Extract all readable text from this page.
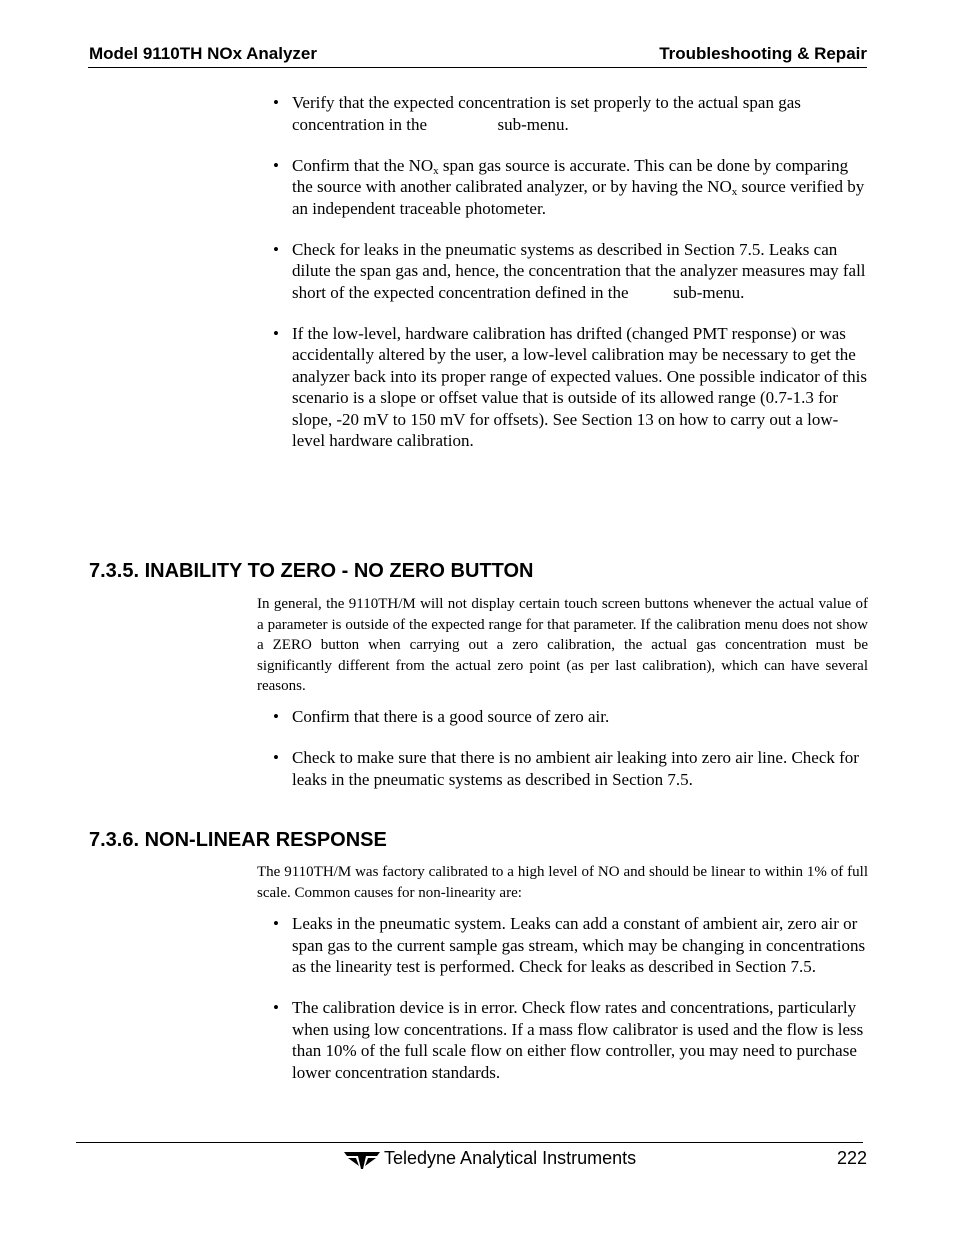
Model 9110TH NOx Analyzer	Troubleshooting & Repair
• Verify that the expected concentration is set properly to the actual span gas concentration in the	sub-menu.
• Confirm that the $NO_x$ span gas source is accurate. This can be done by comparing the source with another calibrated analyzer, or by having the $NO_x$ source verified by an independent traceable photometer.
• Check for leaks in the pneumatic systems as described in Section 7.5. Leaks can dilute the span gas and, hence, the concentration that the analyzer measures may fall short of the expected concentration defined in the	sub-menu.
• If the low-level, hardware calibration has drifted (changed PMT response) or was accidentally altered by the user, a low-level calibration may be necessary to get the analyzer back into its proper range of expected values. One possible indicator of this scenario is a slope or offset value that is outside of its allowed range (0.7-1.3 for slope, -20 mV to 150 mV for offsets). See Section 13 on how to carry out a low-level hardware calibration.
7.3.5. INABILITY TO ZERO - NO ZERO BUTTON

In general, the 9110TH/M will not display certain touch screen buttons whenever the actual value of a parameter is outside of the expected range for that parameter. If the calibration menu does not show a ZERO button when carrying out a zero calibration, the actual gas concentration must be significantly different from the actual zero point (as per last calibration), which can have several reasons.

• Confirm that there is a good source of zero air.
• Check to make sure that there is no ambient air leaking into zero air line. Check for leaks in the pneumatic systems as described in Section 7.5.
7.3.6. NON-LINEAR RESPONSE

The 9110TH/M was factory calibrated to a high level of NO and should be linear to within 1% of full scale. Common causes for non-linearity are:

• Leaks in the pneumatic system. Leaks can add a constant of ambient air, zero air or span gas to the current sample gas stream, which may be changing in concentrations as the linearity test is performed. Check for leaks as described in Section 7.5.
• The calibration device is in error. Check flow rates and concentrations, particularly when using low concentrations. If a mass flow calibrator is used and the flow is less than 10% of the full scale flow on either flow controller, you may need to purchase lower concentration standards.
Teledyne Analytical Instruments	222
